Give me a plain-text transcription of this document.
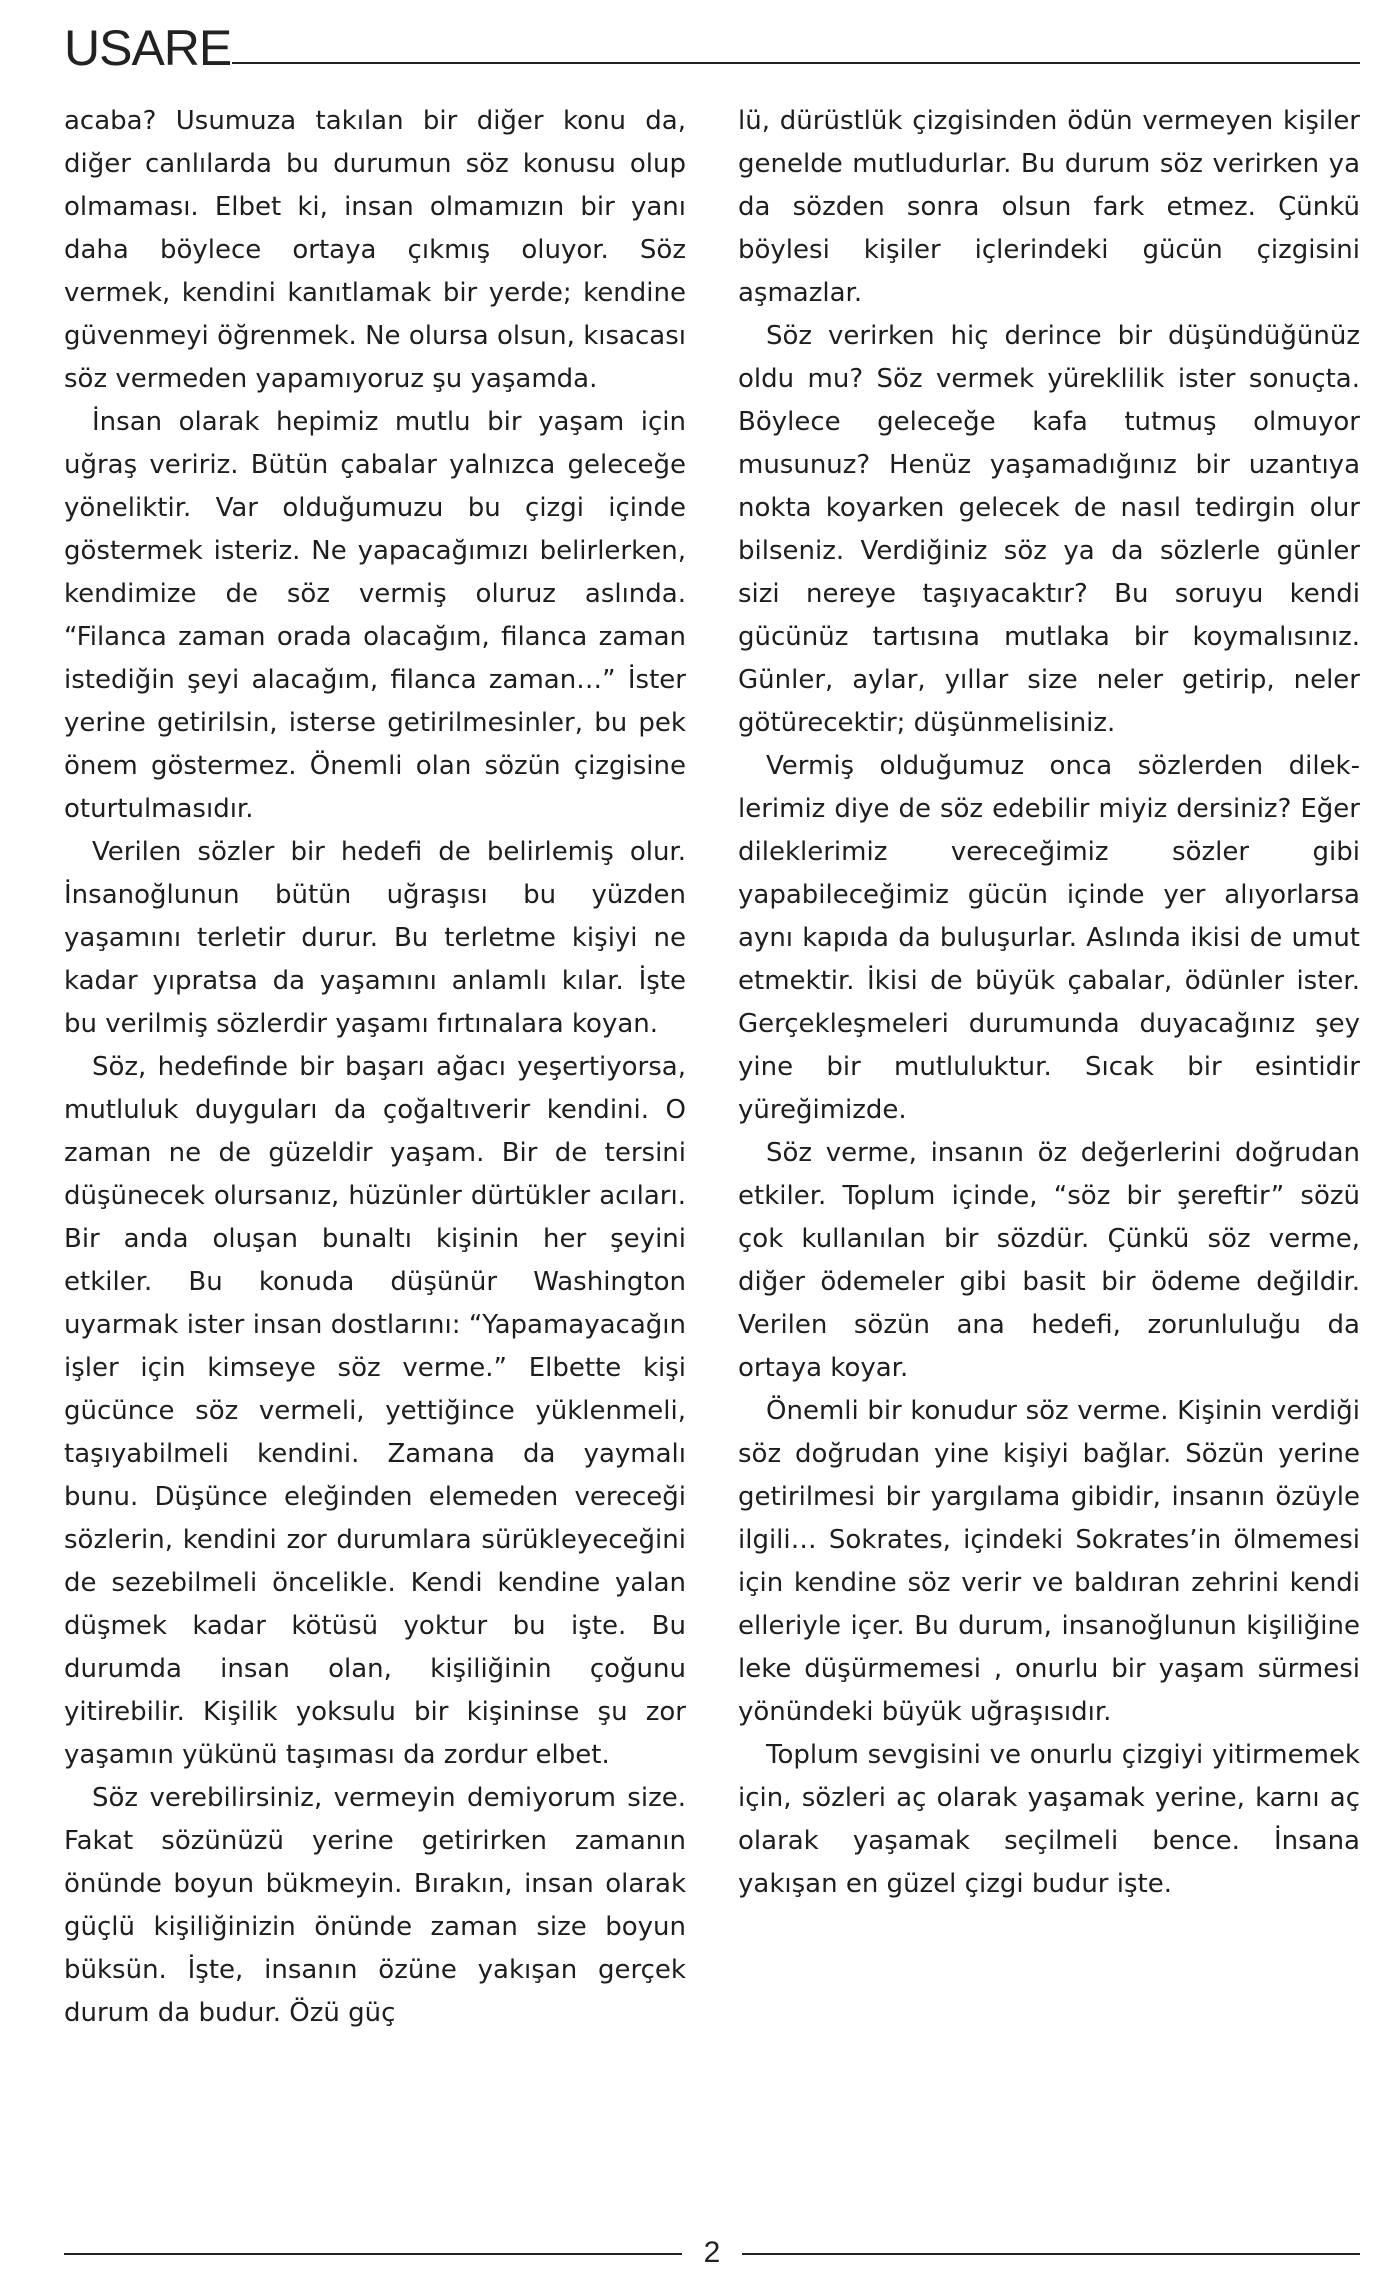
USARE

acaba? Usumuza takılan bir diğer konu da, diğer canlılarda bu durumun söz konusu olup olmaması. Elbet ki, insan olmamızın bir yanı daha böylece ortaya çıkmış oluyor. Söz vermek, kendini kanıtlamak bir yerde; kendine güvenmeyi öğrenmek. Ne olursa olsun, kısacası söz vermeden yapamıyoruz şu yaşamda.

İnsan olarak hepimiz mutlu bir yaşam için uğraş veririz. Bütün çabalar yalnızca geleceğe yöneliktir. Var olduğumuzu bu çizgi içinde göstermek isteriz. Ne yapacağımızı belirlerken, kendimize de söz vermiş oluruz aslında. “Filanca zaman orada olacağım, filanca zaman istediğin şeyi alacağım, filanca zaman…” İster yerine getirilsin, isterse getirilmesinler, bu pek önem göstermez. Önemli olan sözün çizgisine oturtulmasıdır.

Verilen sözler bir hedefi de belirlemiş olur. İnsanoğlunun bütün uğraşısı bu yüzden yaşamını terletir durur. Bu terletme kişiyi ne kadar yıpratsa da yaşamını anlamlı kılar. İşte bu verilmiş sözlerdir yaşamı fırtınalara koyan.

Söz, hedefinde bir başarı ağacı yeşertiyorsa, mutluluk duyguları da çoğaltıverir kendini. O zaman ne de güzeldir yaşam. Bir de tersini düşünecek olursanız, hüzünler dürtükler acıları. Bir anda oluşan bunaltı kişinin her şeyini etkiler. Bu konuda düşünür Washington uyarmak ister insan dostlarını: “Yapamayacağın işler için kimseye söz verme.” Elbette kişi gücünce söz vermeli, yettiğince yüklenmeli, taşıyabilmeli kendini. Zamana da yaymalı bunu. Düşünce eleğinden elemeden vereceği sözlerin, kendini zor durumlara sürükleyeceğini de sezebilmeli öncelikle. Kendi kendine yalan düşmek kadar kötüsü yoktur bu işte. Bu durumda insan olan, kişiliğinin çoğunu yitirebilir. Kişilik yoksulu bir kişininse şu zor yaşamın yükünü taşıması da zordur elbet.

Söz verebilirsiniz, vermeyin demiyorum size. Fakat sözünüzü yerine getirirken zamanın önünde boyun bükmeyin. Bırakın, insan olarak güçlü kişiliğinizin önünde zaman size boyun büksün. İşte, insanın özüne yakışan gerçek durum da budur. Özü güç

lü, dürüstlük çizgisinden ödün vermeyen kişiler genelde mutludurlar. Bu durum söz verirken ya da sözden sonra olsun fark etmez. Çünkü böylesi kişiler içlerindeki gücün çizgisini aşmazlar.

Söz verirken hiç derince bir düşündüğünüz oldu mu? Söz vermek yüreklilik ister sonuçta. Böylece geleceğe kafa tutmuş olmuyor musunuz? Henüz yaşamadığınız bir uzantıya nokta koyarken gelecek de nasıl tedirgin olur bilseniz. Verdiğiniz söz ya da sözlerle günler sizi nereye taşıyacaktır? Bu soruyu kendi gücünüz tartısına mutlaka bir koymalısınız. Günler, aylar, yıllar size neler getirip, neler götürecektir; düşünmelisiniz.

Vermiş olduğumuz onca sözlerden dileklerimiz diye de söz edebilir miyiz dersiniz? Eğer dileklerimiz vereceğimiz sözler gibi yapabileceğimiz gücün içinde yer alıyorlarsa aynı kapıda da buluşurlar. Aslında ikisi de umut etmektir. İkisi de büyük çabalar, ödünler ister. Gerçekleşmeleri durumunda duyacağınız şey yine bir mutluluktur. Sıcak bir esintidir yüreğimizde.

Söz verme, insanın öz değerlerini doğrudan etkiler. Toplum içinde, “söz bir şereftir” sözü çok kullanılan bir sözdür. Çünkü söz verme, diğer ödemeler gibi basit bir ödeme değildir. Verilen sözün ana hedefi, zorunluluğu da ortaya koyar.

Önemli bir konudur söz verme. Kişinin verdiği söz doğrudan yine kişiyi bağlar. Sözün yerine getirilmesi bir yargılama gibidir, insanın özüyle ilgili… Sokrates, içindeki Sokrates’in ölmemesi için kendine söz verir ve baldıran zehrini kendi elleriyle içer. Bu durum, insanoğlunun kişiliğine leke düşürmemesi , onurlu bir yaşam sürmesi yönündeki büyük uğraşısıdır.

Toplum sevgisini ve onurlu çizgiyi yitirmemek için, sözleri aç olarak yaşamak yerine, karnı aç olarak yaşamak seçilmeli bence. İnsana yakışan en güzel çizgi budur işte.

2
